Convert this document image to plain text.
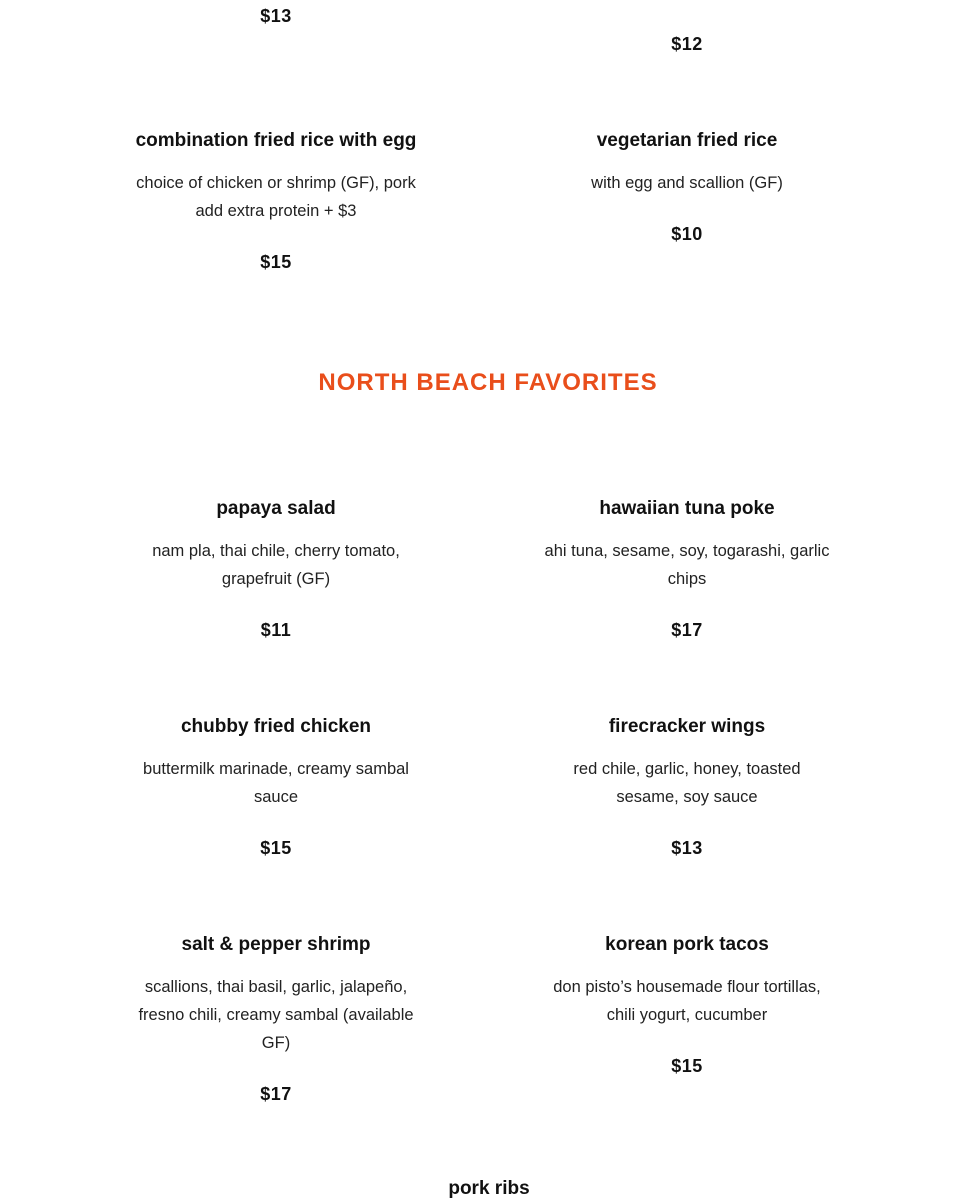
$13
$12
combination fried rice with egg
choice of chicken or shrimp (GF), pork
add extra protein + $3
$15
vegetarian fried rice
with egg and scallion (GF)
$10
NORTH BEACH FAVORITES
papaya salad
nam pla, thai chile, cherry tomato,
grapefruit (GF)
$11
hawaiian tuna poke
ahi tuna, sesame, soy, togarashi, garlic
chips
$17
chubby fried chicken
buttermilk marinade, creamy sambal
sauce
$15
firecracker wings
red chile, garlic, honey, toasted
sesame, soy sauce
$13
salt & pepper shrimp
scallions, thai basil, garlic, jalapeño,
fresno chili, creamy sambal (available
GF)
$17
korean pork tacos
don pisto’s housemade flour tortillas,
chili yogurt, cucumber
$15
pork ribs
